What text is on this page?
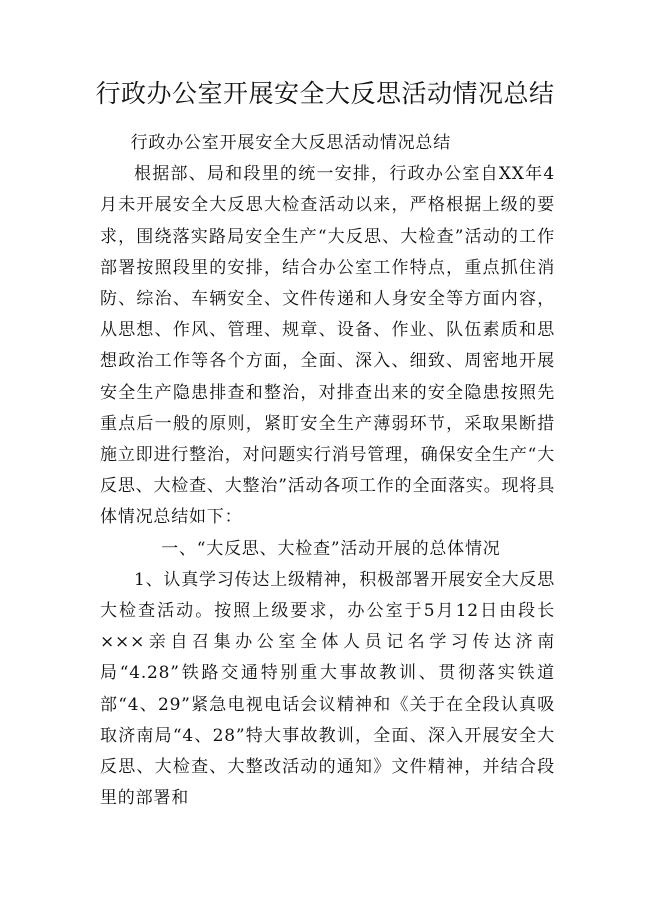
行政办公室开展安全大反思活动情况总结

行政办公室开展安全大反思活动情况总结

根据部、局和段里的统一安排，行政办公室自XX年4月未开展安全大反思大检查活动以来，严格根据上级的要求，围绕落实路局安全生产“大反思、大检查”活动的工作部署按照段里的安排，结合办公室工作特点，重点抓住消防、综治、车辆安全、文件传递和人身安全等方面内容，从思想、作风、管理、规章、设备、作业、队伍素质和思想政治工作等各个方面，全面、深入、细致、周密地开展安全生产隐患排查和整治，对排查出来的安全隐患按照先重点后一般的原则，紧盯安全生产薄弱环节，采取果断措施立即进行整治，对问题实行消号管理，确保安全生产“大反思、大检查、大整治”活动各项工作的全面落实。现将具体情况总结如下：

一、“大反思、大检查”活动开展的总体情况

1、认真学习传达上级精神，积极部署开展安全大反思大检查活动。按照上级要求，办公室于5月12日由段长×××亲自召集办公室全体人员记名学习传达济南局“4.28”铁路交通特别重大事故教训、贯彻落实铁道部“4、29”紧急电视电话会议精神和《关于在全段认真吸取济南局“4、28”特大事故教训，全面、深入开展安全大反思、大检查、大整改活动的通知》文件精神，并结合段里的部署和
